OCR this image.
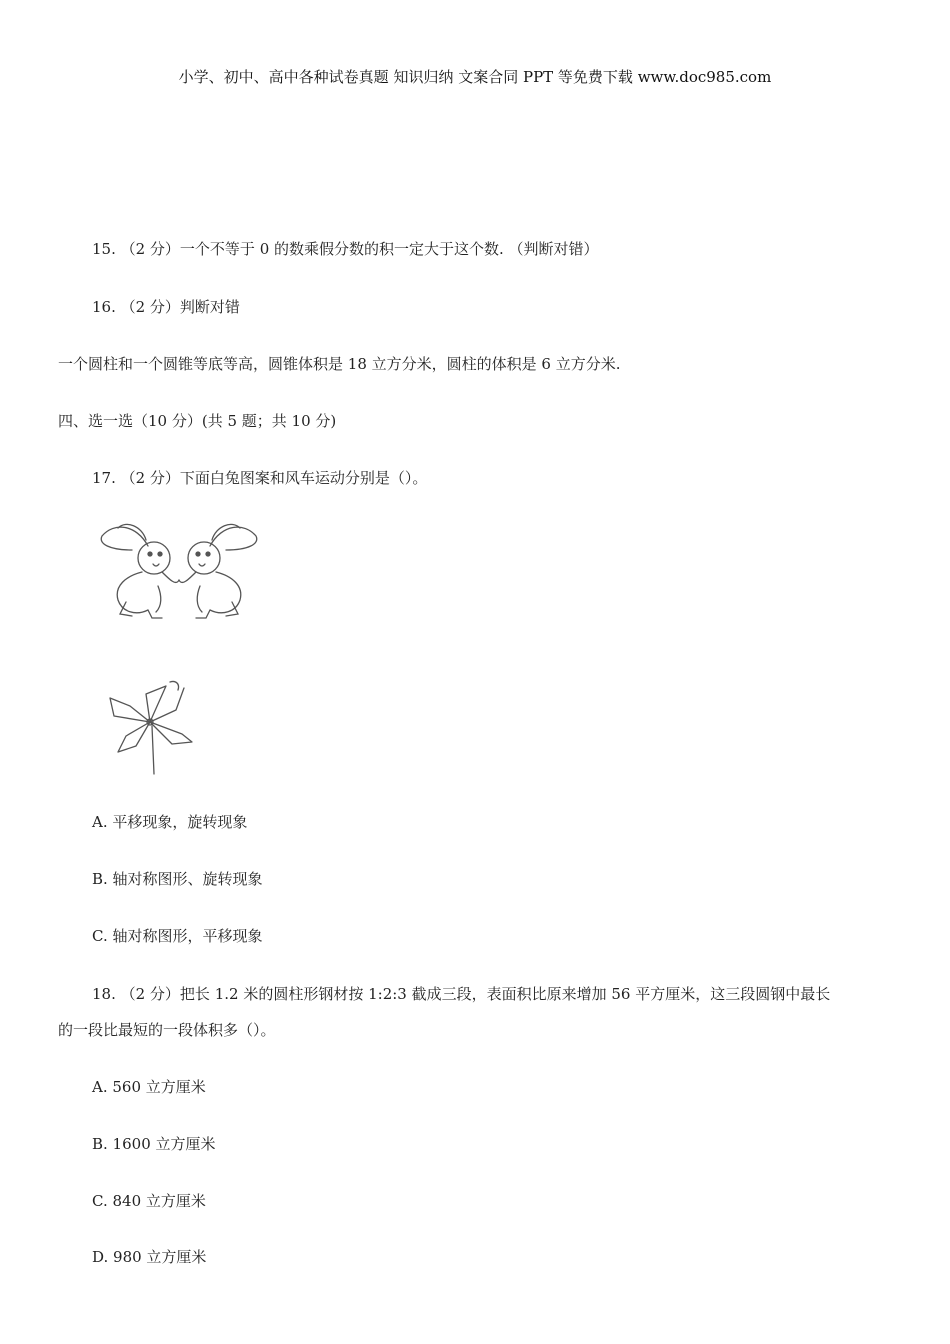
小学、初中、高中各种试卷真题 知识归纳 文案合同 PPT 等免费下载 www.doc985.com
15. （2 分）一个不等于 0 的数乘假分数的积一定大于这个数. （判断对错）
16. （2 分）判断对错
一个圆柱和一个圆锥等底等高，圆锥体积是 18 立方分米，圆柱的体积是 6 立方分米.
四、选一选（10 分）(共 5 题；共 10 分)
17. （2 分）下面白兔图案和风车运动分别是（）。
A. 平移现象，旋转现象
B. 轴对称图形、旋转现象
C. 轴对称图形，平移现象
18. （2 分）把长 1.2 米的圆柱形钢材按 1:2:3 截成三段，表面积比原来增加 56 平方厘米，这三段圆钢中最长
的一段比最短的一段体积多（）。
A. 560 立方厘米
B. 1600 立方厘米
C. 840 立方厘米
D. 980 立方厘米
